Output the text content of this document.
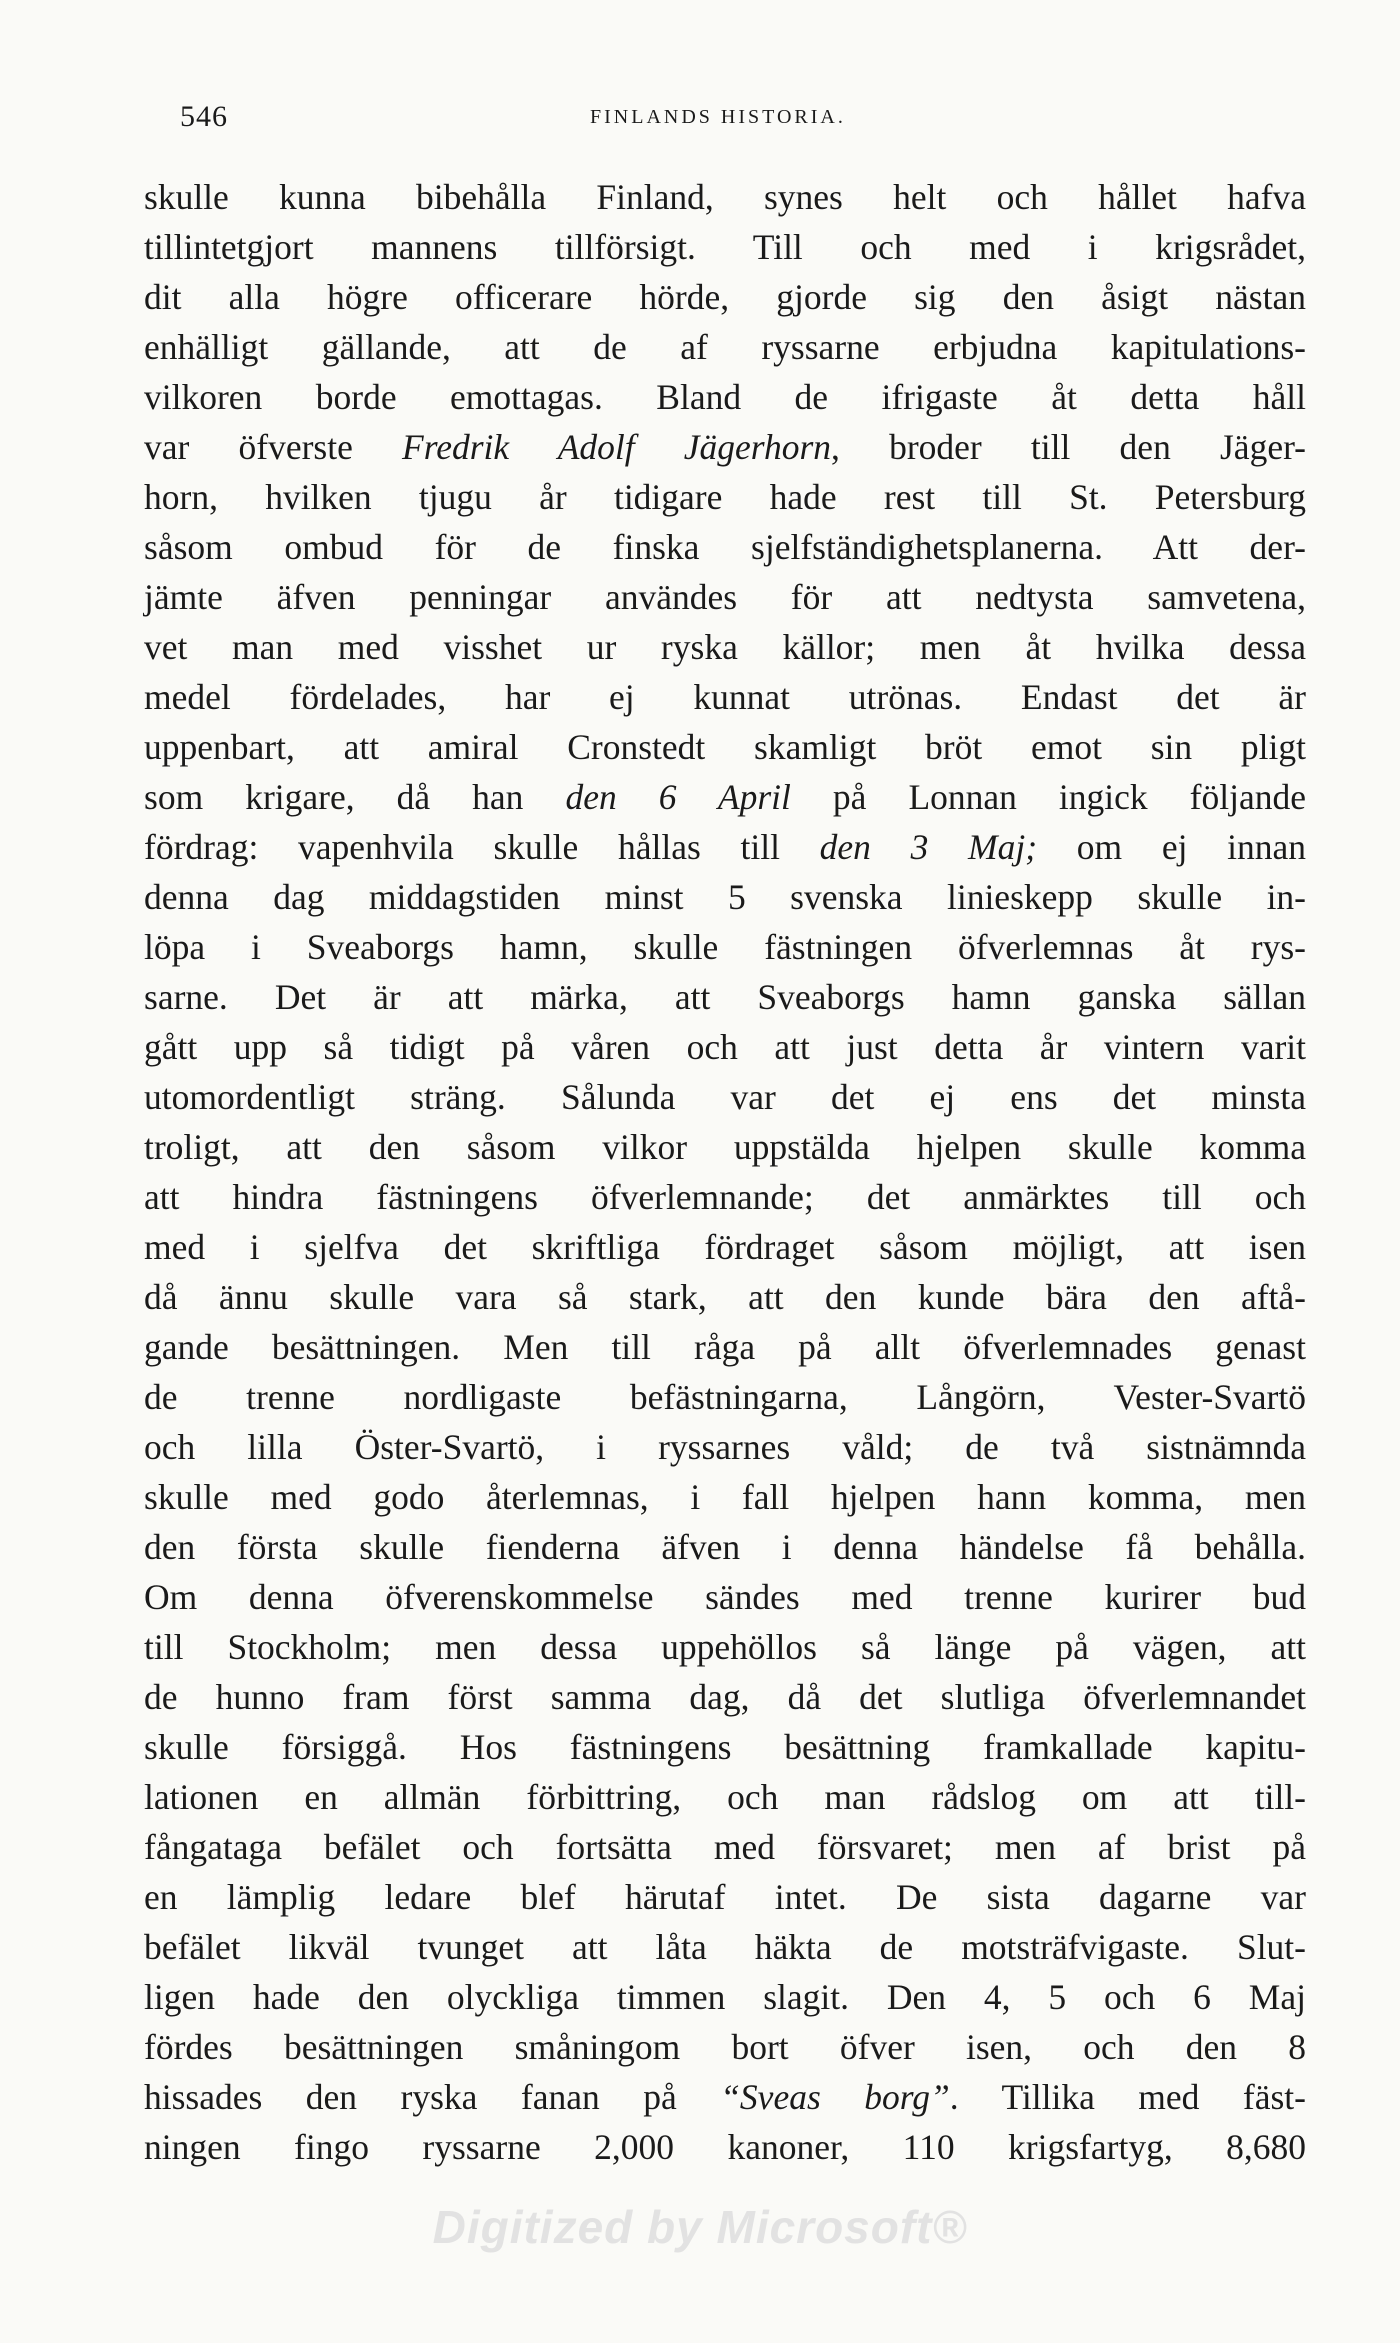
546	FINLANDS HISTORIA.
skulle kunna bibehålla Finland, synes helt och hållet hafva
tillintetgjort mannens tillförsigt. Till och med i krigsrådet,
dit alla högre officerare hörde, gjorde sig den åsigt nästan
enhälligt gällande, att de af ryssarne erbjudna kapitulations-
vilkoren borde emottagas. Bland de ifrigaste åt detta håll
var öfverste Fredrik Adolf Jägerhorn, broder till den Jäger-
horn, hvilken tjugu år tidigare hade rest till St. Petersburg
såsom ombud för de finska sjelfständighetsplanerna. Att der-
jämte äfven penningar användes för att nedtysta samvetena,
vet man med visshet ur ryska källor; men åt hvilka dessa
medel fördelades, har ej kunnat utrönas. Endast det är
uppenbart, att amiral Cronstedt skamligt bröt emot sin pligt
som krigare, då han den 6 April på Lonnan ingick följande
fördrag: vapenhvila skulle hållas till den 3 Maj; om ej innan
denna dag middagstiden minst 5 svenska linieskepp skulle in-
löpa i Sveaborgs hamn, skulle fästningen öfverlemnas åt rys-
sarne. Det är att märka, att Sveaborgs hamn ganska sällan
gått upp så tidigt på våren och att just detta år vintern varit
utomordentligt sträng. Sålunda var det ej ens det minsta
troligt, att den såsom vilkor uppstälda hjelpen skulle komma
att hindra fästningens öfverlemnande; det anmärktes till och
med i sjelfva det skriftliga fördraget såsom möjligt, att isen
då ännu skulle vara så stark, att den kunde bära den aftå-
gande besättningen. Men till råga på allt öfverlemnades genast
de trenne nordligaste befästningarna, Långörn, Vester-Svartö
och lilla Öster-Svartö, i ryssarnes våld; de två sistnämnda
skulle med godo återlemnas, i fall hjelpen hann komma, men
den första skulle fienderna äfven i denna händelse få behålla.
Om denna öfverenskommelse sändes med trenne kurirer bud
till Stockholm; men dessa uppehöllos så länge på vägen, att
de hunno fram först samma dag, då det slutliga öfverlemnandet
skulle försiggå. Hos fästningens besättning framkallade kapitu-
lationen en allmän förbittring, och man rådslog om att till-
fångataga befälet och fortsätta med försvaret; men af brist på
en lämplig ledare blef härutaf intet. De sista dagarne var
befälet likväl tvunget att låta häkta de motsträfvigaste. Slut-
ligen hade den olyckliga timmen slagit. Den 4, 5 och 6 Maj
fördes besättningen småningom bort öfver isen, och den 8
hissades den ryska fanan på “Sveas borg”. Tillika med fäst-
ningen fingo ryssarne 2,000 kanoner, 110 krigsfartyg, 8,680
Digitized by Microsoft®
